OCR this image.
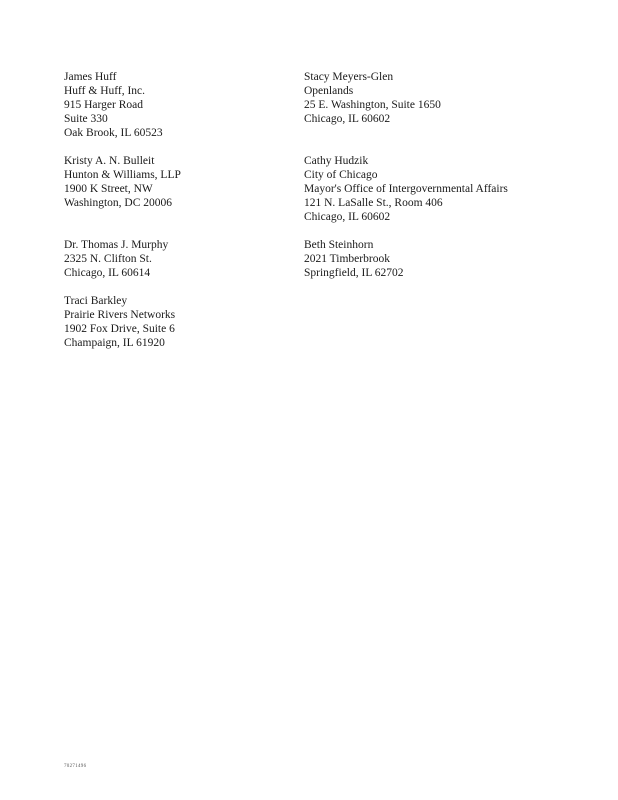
James Huff
Huff & Huff, Inc.
915 Harger Road
Suite 330
Oak Brook, IL 60523
Kristy A. N. Bulleit
Hunton & Williams, LLP
1900 K Street, NW
Washington, DC 20006
Dr. Thomas J. Murphy
2325 N. Clifton St.
Chicago, IL 60614
Traci Barkley
Prairie Rivers Networks
1902 Fox Drive, Suite 6
Champaign, IL 61920
Stacy Meyers-Glen
Openlands
25 E. Washington, Suite 1650
Chicago, IL 60602
Cathy Hudzik
City of Chicago
Mayor's Office of Intergovernmental Affairs
121 N. LaSalle St., Room 406
Chicago, IL 60602
Beth Steinhorn
2021 Timberbrook
Springfield, IL 62702
70271496
